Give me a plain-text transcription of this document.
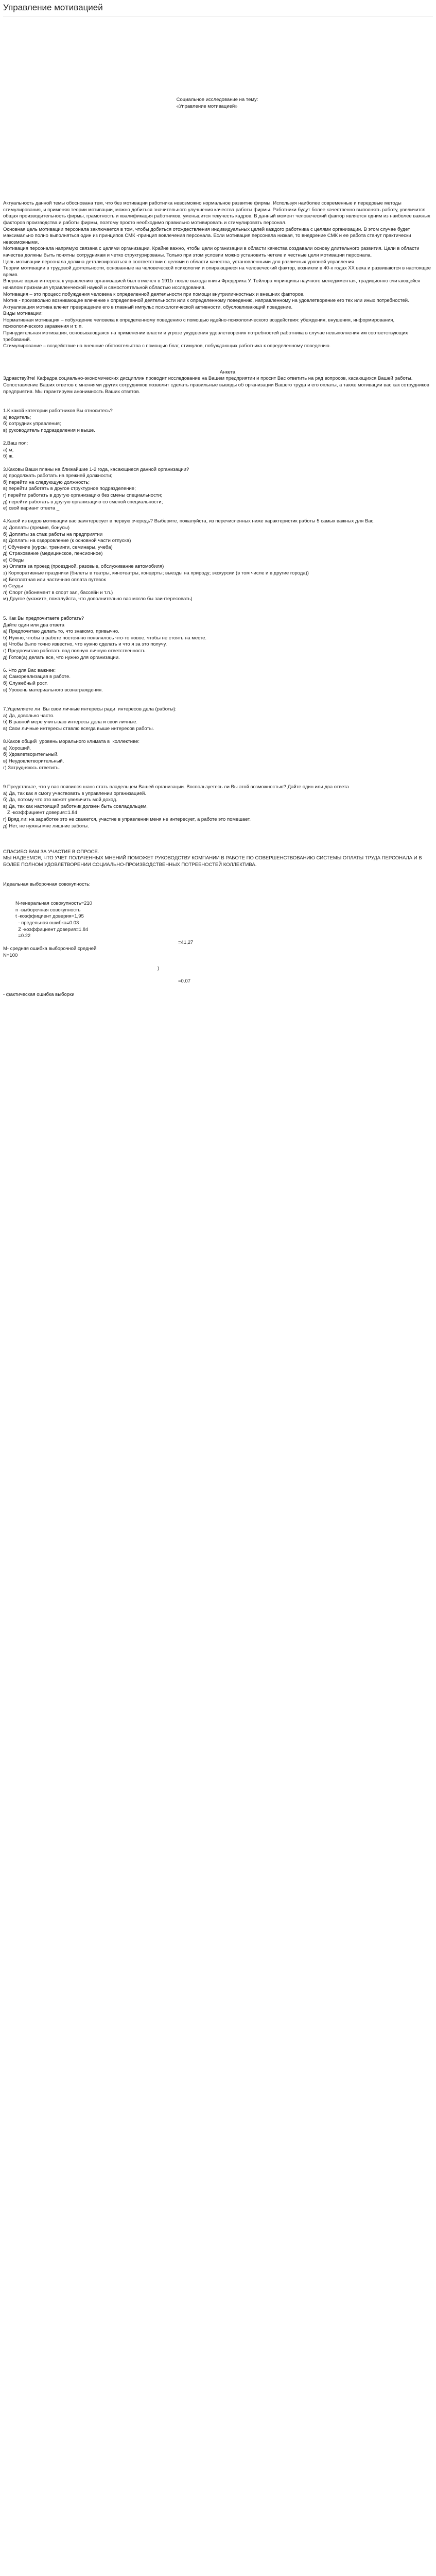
Управление мотивацией

Социальное исследование на тему:

«Управление мотивацией»

Актуальность данной темы обоснована тем, что без мотивации работника невозможно нормальное развитие фирмы. Используя наиболее современные и передовые методы стимулирования, и применяя теории мотивации, можно добиться значительного улучшения качества работы фирмы. Работники будут более качественно выполнять работу, увеличится общая производительность фирмы, грамотность и квалификация работников, уменьшится текучесть кадров. В данный момент человеческий фактор является одним из наиболее важных факторов производства и работы фирмы, поэтому просто необходимо правильно мотивировать и стимулировать персонал.

Основная цель мотивации персонала заключается в том, чтобы добиться отождествления индивидуальных целей каждого работника с целями организации. В этом случае будет максимально полно выполняться один из принципов СМК -принцип вовлечения персонала. Если мотивация персонала низкая, то внедрение СМК и ее работа станут практически невозможными.

Мотивация персонала напрямую связана с целями организации. Крайне важно, чтобы цели организации в области качества создавали основу длительного развития. Цели в области качества должны быть понятны сотрудникам и четко структурированы. Только при этом условии можно установить четкие и честные цели мотивации персонала.

Цель мотивации персонала должна детализироваться в соответствии с целями в области качества, установленными для различных уровней управления.

Теории мотивации в трудовой деятельности, основанные на человеческой психологии и опирающиеся на человеческий фактор, возникли в 40-х годах XX века и развиваются в настоящее время.

Впервые взрыв интереса к управлению организацией был отмечен в 1911г после выхода книги Фредерика У. Тейлора «принципы научного менеджмента», традиционно считающейся началом признания управленческой наукой и самостоятельной областью исследования.

Мотивация – это процесс побуждения человека к определенной деятельности при помощи внутриличностных и внешних факторов.

Мотив - произвольно возникающее влечение к определенной деятельности или к определенному поведению, направленному на удовлетворение его тех или иных потребностей. Актуализация мотива влечет превращение его в главный импульс психологической активности, обусловливающий поведение.

Виды мотивации:

Нормативная мотивация – побуждение человека к определенному поведению с помощью идейно-психологического воздействия: убеждения, внушения, информирования, психологического заражения и т. п.

Принудительная мотивация, основывающаяся на применении власти и угрозе ухудшения удовлетворения потребностей работника в случае невыполнения им соответствующих требований.

Стимулирование – воздействие на внешние обстоятельства с помощью благ, стимулов, побуждающих работника к определенному поведению.

Анкета

Здравствуйте! Кафедра социально-экономических дисциплин проводит исследование на Вашем предприятии и просит Вас ответить на ряд вопросов, касающихся Вашей работы. Сопоставление Ваших ответов с мнениями других сотрудников позволит сделать правильные выводы об организации Вашего труда и его оплаты, а также мотивации вас как сотрудников предприятия. Мы гарантируем анонимность Ваших ответов.

1.К какой категории работников Вы относитесь?

а) водитель;

б) сотрудник управления;

в) руководитель подразделения и выше.

2.Ваш пол:

а) м;

б) ж.

3.Каковы Ваши планы на ближайшие 1-2 года, касающиеся данной организации?

а) продолжать работать на прежней должности;

б) перейти на следующую должность;

в) перейти работать в другое структурное подразделение;

г) перейти работать в другую организацию без смены специальности;

д) перейти работать в другую организацию со сменой специальности;

е) свой вариант ответа _

4.Какой из видов мотивации вас заинтересует в первую очередь? Выберите, пожалуйста, из перечисленных ниже характеристик работы 5 самых важных для Вас.

а) Доплаты (премия, бонусы)

б) Доплаты за стаж работы на предприятии

в) Доплаты на оздоровление (к основной части отпуска)

г) Обучение (курсы, тренинги, семинары, учеба)

д) Страхование (медицинское, пенсионное)

е) Обеды

ж) Оплата за проезд (проездной, разовые, обслуживание автомобиля)

з) Корпоративные праздники (билеты в театры, кинотеатры, концерты; выезды на природу; экскурсии (в том числе и в другие города))

и) Бесплатная или частичная оплата путевок

к) Ссуды

л) Спорт (абонемент в спорт зал, бассейн и т.п.)

м) Другое (укажите, пожалуйста, что дополнительно вас могло бы заинтересовать)

5. Как Вы предпочитаете работать?

Дайте один или два ответа

а) Предпочитаю делать то, что знакомо, привычно.

б) Нужно, чтобы в работе постоянно появлялось что-то новое, чтобы не стоять на месте.

в) Чтобы было точно известно, что нужно сделать и что я за это получу.

г) Предпочитаю работать под полную личную ответственность.

д) Готов(а) делать все, что нужно для организации.

6. Что для Вас важнее:

а) Самореализация в работе.

б) Служебный рост.

в) Уровень материального вознаграждения.

7.Ущемляете ли  Вы свои личные интересы ради  интересов дела (работы):

а) Да, довольно часто.

б) В равной мере учитываю интересы дела и свои личные.

в) Свои личные интересы ставлю всегда выше интересов работы.

8.Каков общий  уровень морального климата в  коллективе:

а) Хороший.

б) Удовлетворительный.

в) Неудовлетворительный.

г) Затрудняюсь ответить.

9.Представьте, что у вас появился шанс стать владельцем Вашей организации. Воспользуетесь ли Вы этой возможностью? Дайте один или два ответа

а) Да, так как я смогу участвовать в управлении организацией.

б) Да, потому что это может увеличить мой доход.

в) Да, так как настоящий работник должен быть совладельцем,

Z -коэффициент доверия=1.84

г) Вряд ли: на заработке это не скажется, участие в управлении меня не интересует, а работе это помешает.

д) Нет, не нужны мне лишние заботы.

СПАСИБО ВАМ ЗА УЧАСТИЕ В ОПРОСЕ.

МЫ НАДЕЕМСЯ, ЧТО УЧЕТ ПОЛУЧЕННЫХ МНЕНИЙ ПОМОЖЕТ РУКОВОДСТВУ КОМПАНИИ В РАБОТЕ ПО СОВЕРШЕНСТВОВАНИЮ СИСТЕМЫ ОПЛАТЫ ТРУДА ПЕРСОНАЛА И В БОЛЕЕ ПОЛНОМ УДОВЛЕТВОРЕНИИ СОЦИАЛЬНО-ПРОИЗВОДСТВЕННЫХ ПОТРЕБНОСТЕЙ КОЛЛЕКТИВА.

Идеальная выборочная совокупность:

N-генеральная совокупность=210

n -выборочная совокупность

t -коэффициент доверия=1,95

- предельная ошибка=0.03

Z -коэффициент доверия=1.84

=0.22

=41,27

M- средняя ошибка выборочной средней

N=100

)

=0.07

- фактическая ошибка выборки
